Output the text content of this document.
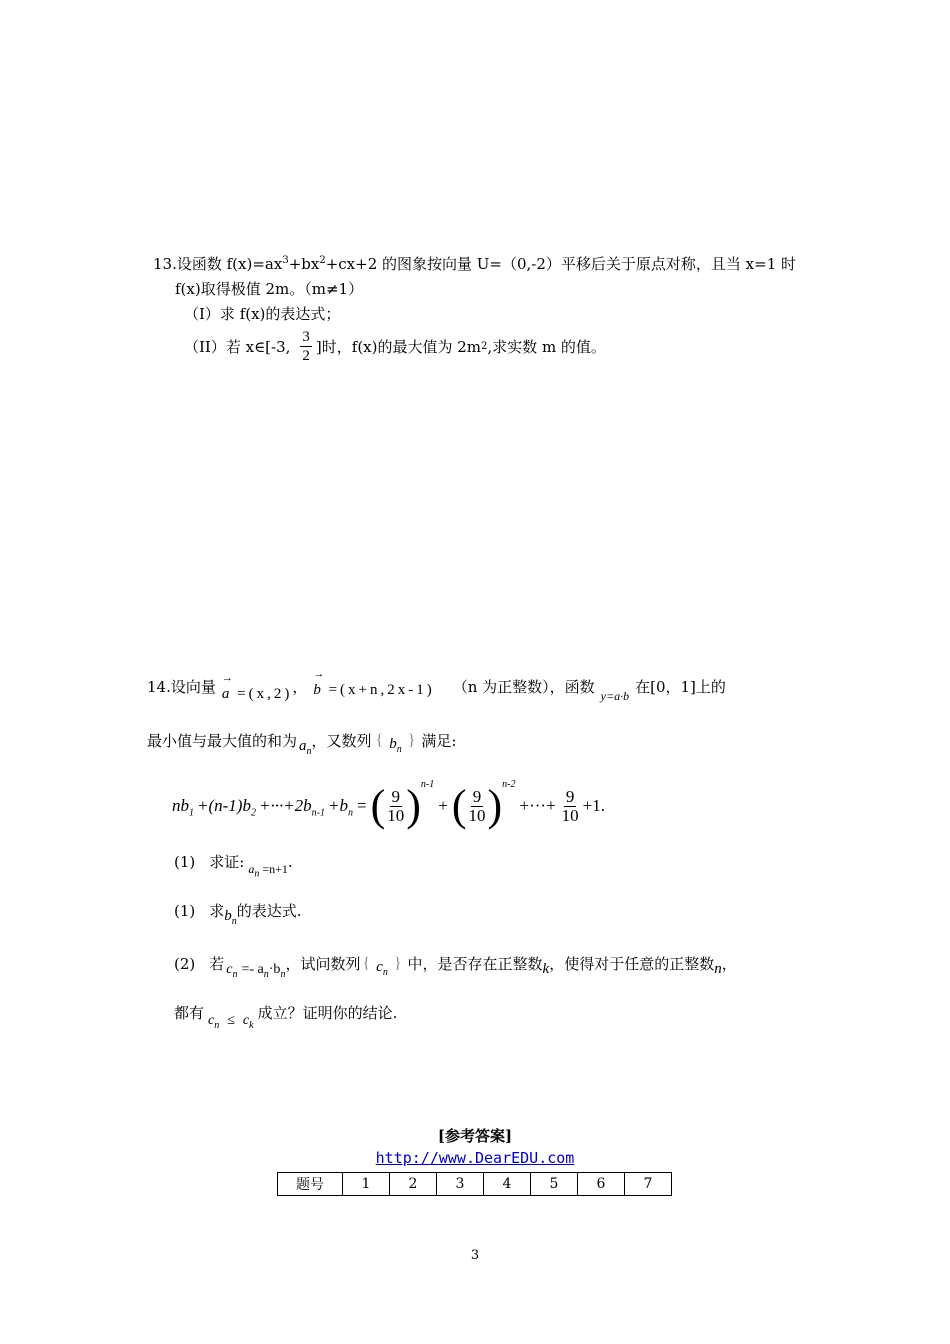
13.设函数 $f(x)=ax^3+bx^2+cx+2$ 的图象按向量 U=（0,-2）平移后关于原点对称，且当 x=1 时
f(x)取得极值 2m。（m≠1）
（I）求 f(x)的表达式；
（II）若 x∈[-3, $\frac{3}{2}$ ]时，f(x)的最大值为 2m 2 ,求实数 m 的值。
14.设向量 →
a =(x,2) ，
→
b =(x+n,2x-1) （n 为正整数），函数 y=a·b 在[0，1]上的
最小值与最大值的和为 $a_n$
，又数列 { $b_n$
} 满足:
$nb_1 +(n-1)b_2 +\cdot\cdot\cdot+2b_{n-1} +b_n$ = ( $\frac{9}{10}$ ) n-1
+ ( $\frac{9}{10}$ ) n-2
+···+ $\frac{9}{10} +1$ .
(1) 求证: $a_n =n+1$ .
(1) 求 $b_n$
的表达式.
(2) 若 $c_n =- a_n\cdot b_n$
，试问数列 { $c_n$
} 中，是否存在正整数 k ，使得对于任意的正整数 n ，
都有 $c_n \le c_k$
成立？证明你的结论.
[参考答案]
http://www.DearEDU.com
题号	1	2	3	4	5	6	7
3
